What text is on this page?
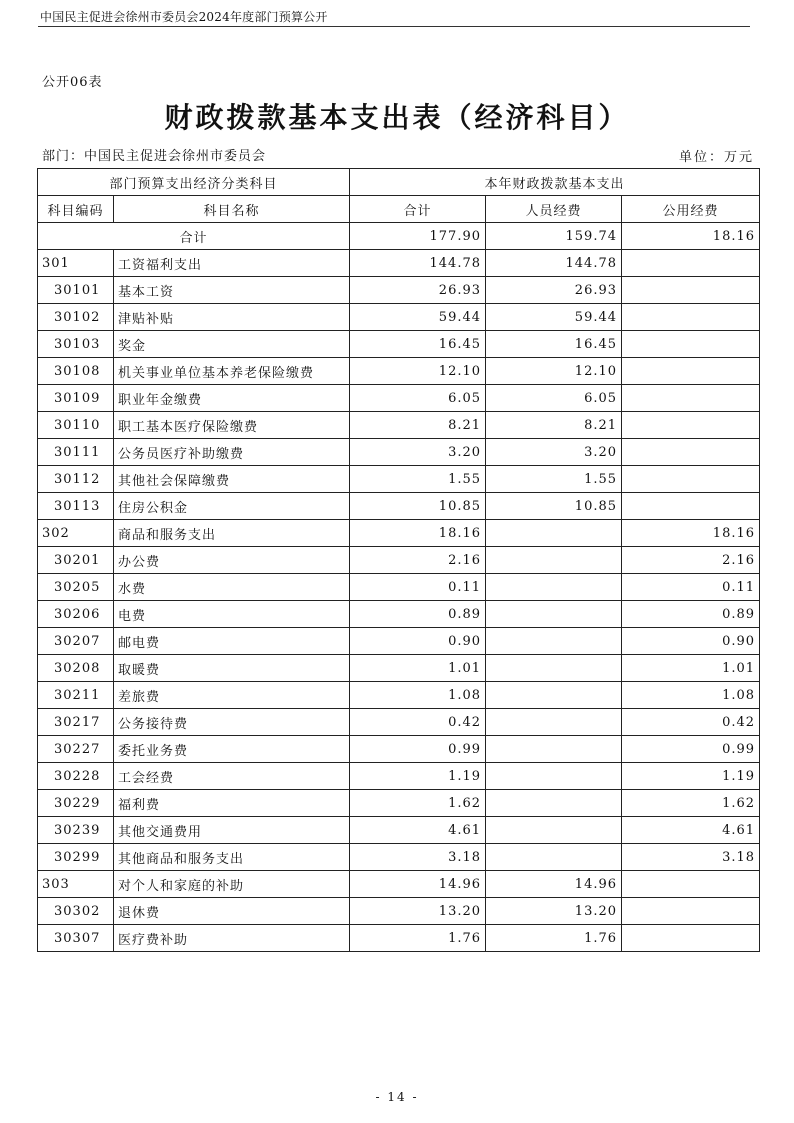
中国民主促进会徐州市委员会2024年度部门预算公开
公开06表
财政拨款基本支出表（经济科目）
部门：中国民主促进会徐州市委员会	单位：万元
部门预算支出经济分类科目		本年财政拨款基本支出		
科目编码	科目名称	合计	人员经费	公用经费
合计		177.90	159.74	18.16
301	工资福利支出	144.78	144.78	
30101	基本工资	26.93	26.93	
30102	津贴补贴	59.44	59.44	
30103	奖金	16.45	16.45	
30108	机关事业单位基本养老保险缴费	12.10	12.10	
30109	职业年金缴费	6.05	6.05	
30110	职工基本医疗保险缴费	8.21	8.21	
30111	公务员医疗补助缴费	3.20	3.20	
30112	其他社会保障缴费	1.55	1.55	
30113	住房公积金	10.85	10.85	
302	商品和服务支出	18.16		18.16
30201	办公费	2.16		2.16
30205	水费	0.11		0.11
30206	电费	0.89		0.89
30207	邮电费	0.90		0.90
30208	取暖费	1.01		1.01
30211	差旅费	1.08		1.08
30217	公务接待费	0.42		0.42
30227	委托业务费	0.99		0.99
30228	工会经费	1.19		1.19
30229	福利费	1.62		1.62
30239	其他交通费用	4.61		4.61
30299	其他商品和服务支出	3.18		3.18
303	对个人和家庭的补助	14.96	14.96	
30302	退休费	13.20	13.20	
30307	医疗费补助	1.76	1.76	
- 14 -
